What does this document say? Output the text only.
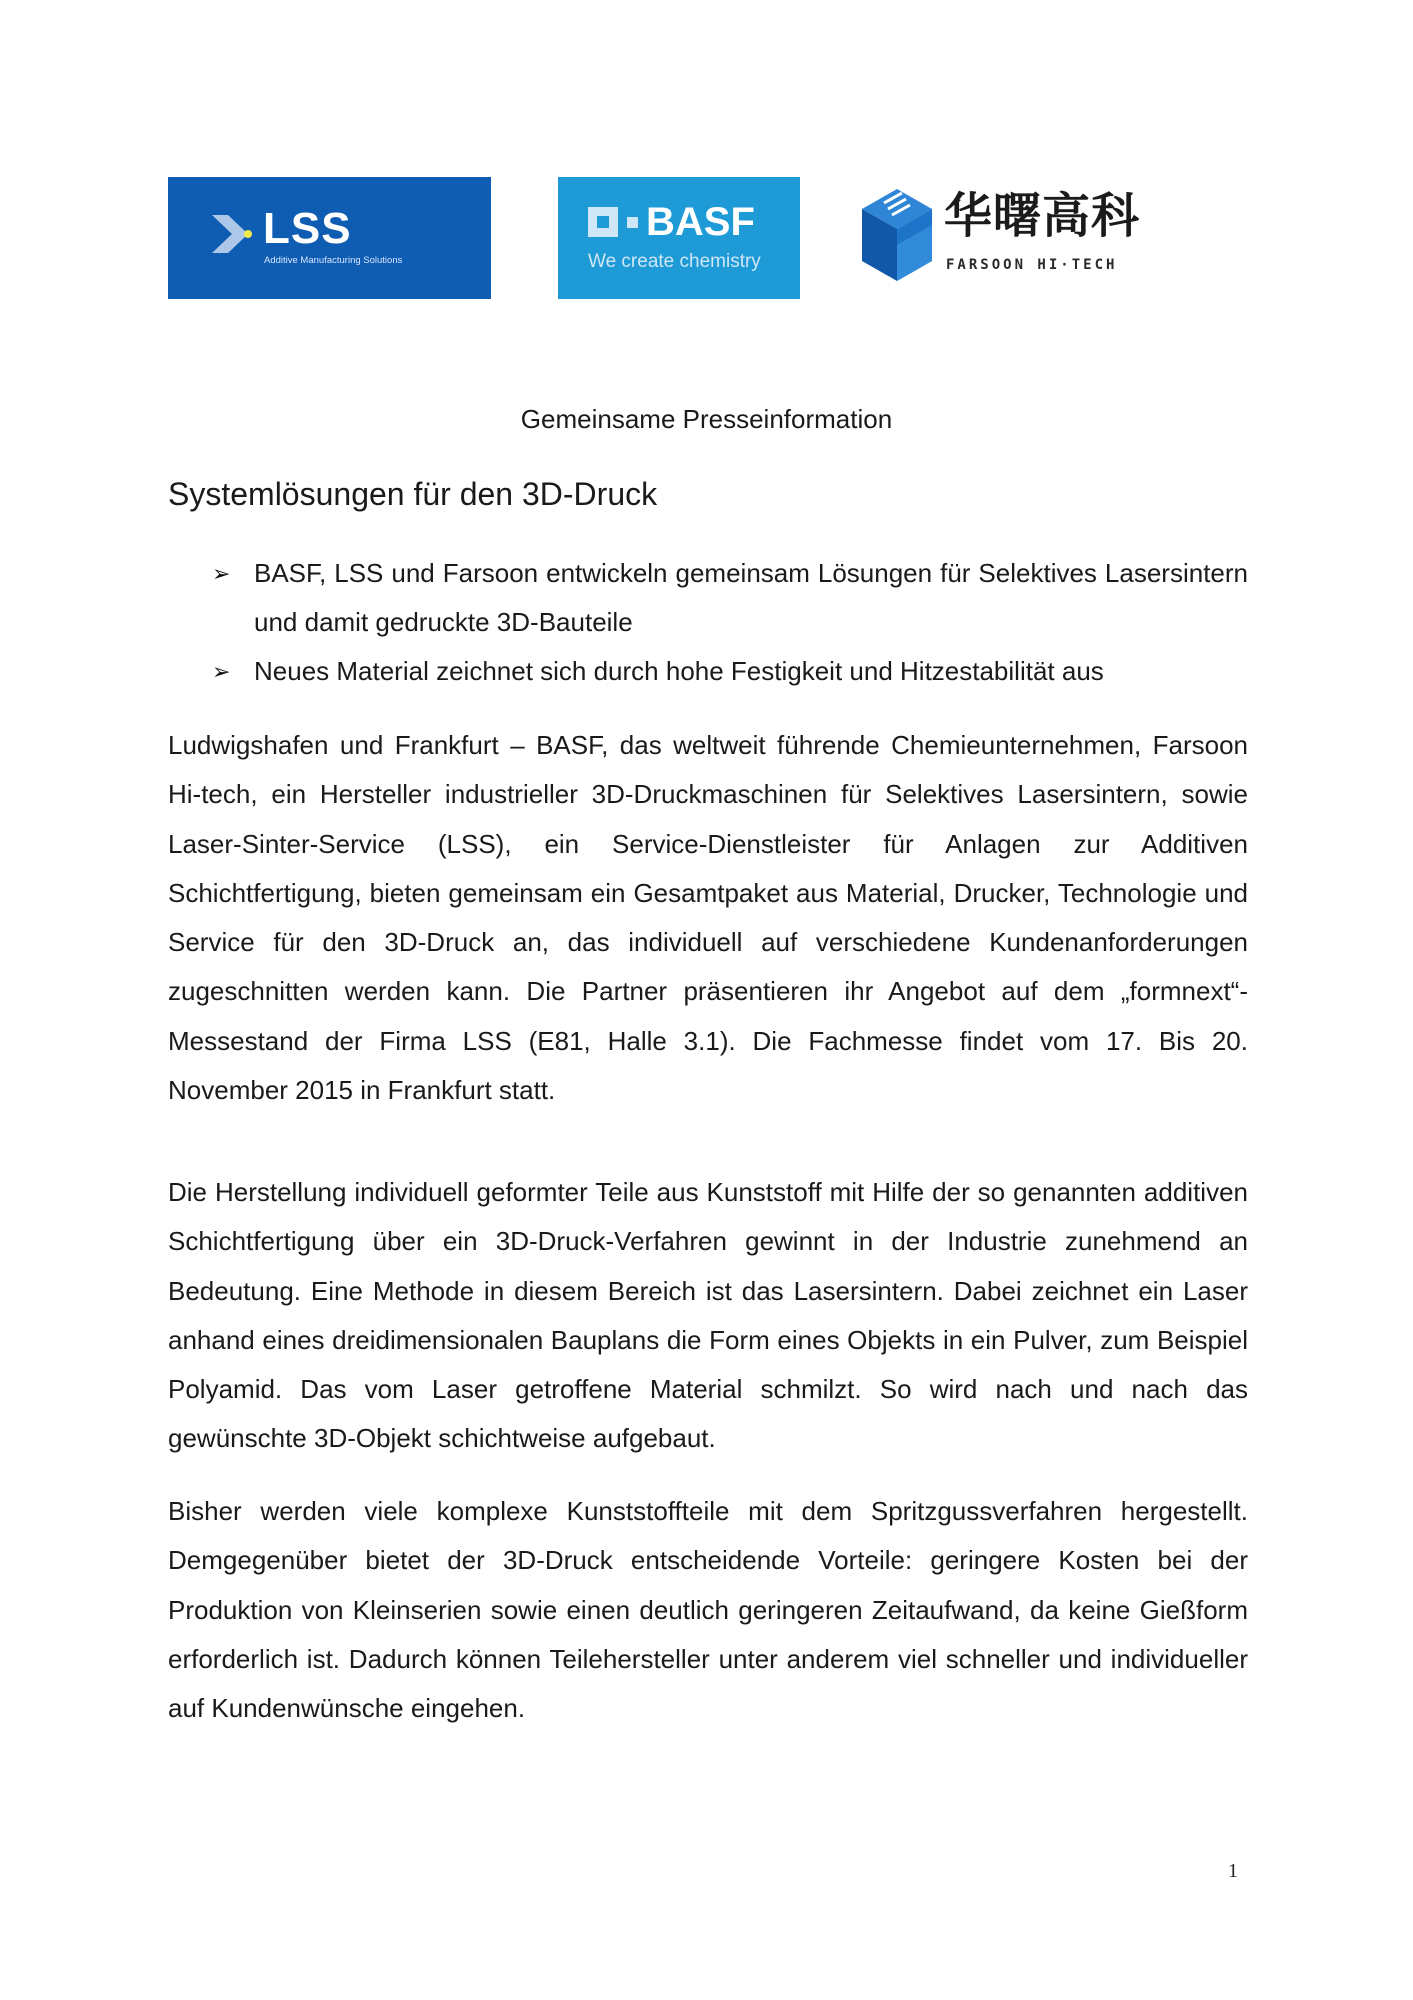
LSS
Additive Manufacturing Solutions
BASF
We create chemistry
华曙高科
FARSOON HI·TECH
Gemeinsame Presseinformation
Systemlösungen für den 3D-Druck
➢ BASF, LSS und Farsoon entwickeln gemeinsam Lösungen für Selektives Lasersintern und damit gedruckte 3D-Bauteile
➢ Neues Material zeichnet sich durch hohe Festigkeit und Hitzestabilität aus

Ludwigshafen und Frankfurt – BASF, das weltweit führende Chemieunternehmen, Farsoon Hi-tech, ein Hersteller industrieller 3D-Druckmaschinen für Selektives Lasersintern, sowie Laser-Sinter-Service (LSS), ein Service-Dienstleister für Anlagen zur Additiven Schichtfertigung, bieten gemeinsam ein Gesamtpaket aus Material, Drucker, Technologie und Service für den 3D-Druck an, das individuell auf verschiedene Kundenanforderungen zugeschnitten werden kann. Die Partner präsentieren ihr Angebot auf dem „formnext“-Messestand der Firma LSS (E81, Halle 3.1). Die Fachmesse findet vom 17. Bis 20. November 2015 in Frankfurt statt.

Die Herstellung individuell geformter Teile aus Kunststoff mit Hilfe der so genannten additiven Schichtfertigung über ein 3D-Druck-Verfahren gewinnt in der Industrie zunehmend an Bedeutung. Eine Methode in diesem Bereich ist das Lasersintern. Dabei zeichnet ein Laser anhand eines dreidimensionalen Bauplans die Form eines Objekts in ein Pulver, zum Beispiel Polyamid. Das vom Laser getroffene Material schmilzt. So wird nach und nach das gewünschte 3D-Objekt schichtweise aufgebaut.

Bisher werden viele komplexe Kunststoffteile mit dem Spritzgussverfahren hergestellt. Demgegenüber bietet der 3D-Druck entscheidende Vorteile: geringere Kosten bei der Produktion von Kleinserien sowie einen deutlich geringeren Zeitaufwand, da keine Gießform erforderlich ist. Dadurch können Teilehersteller unter anderem viel schneller und individueller auf Kundenwünsche eingehen.

1
